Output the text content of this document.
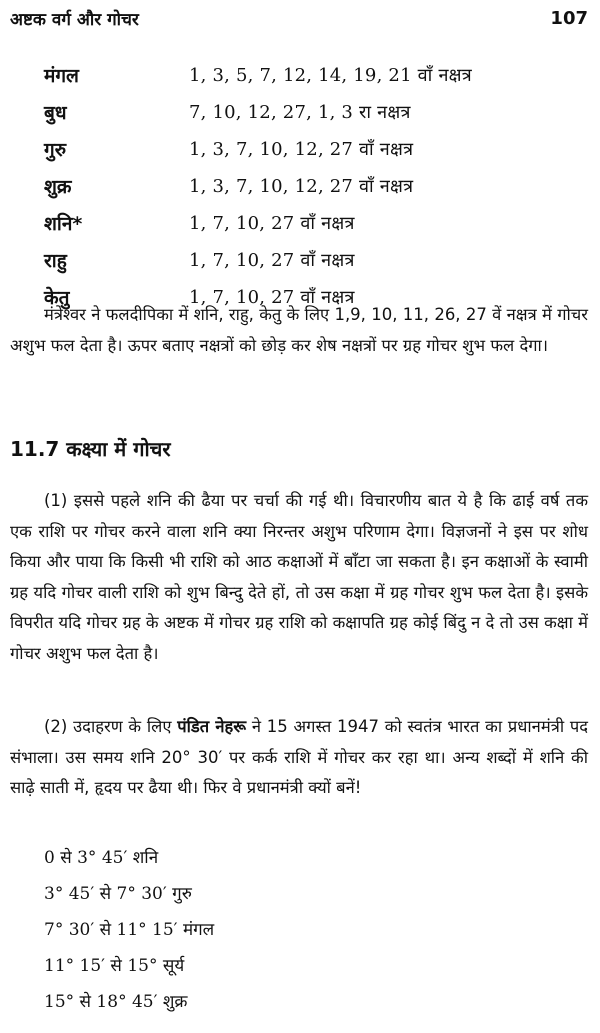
अष्टक वर्ग और गोचर	107
मंगल	1, 3, 5, 7, 12, 14, 19, 21 वाँ नक्षत्र
बुध	7, 10, 12, 27, 1, 3 रा नक्षत्र
गुरु	1, 3, 7, 10, 12, 27 वाँ नक्षत्र
शुक्र	1, 3, 7, 10, 12, 27 वाँ नक्षत्र
शनि*	1, 7, 10, 27 वाँ नक्षत्र
राहु	1, 7, 10, 27 वाँ नक्षत्र
केतु	1, 7, 10, 27 वाँ नक्षत्र

मंत्रेश्वर ने फलदीपिका में शनि, राहु, केतु के लिए 1,9, 10, 11, 26, 27 वें नक्षत्र में गोचर अशुभ फल देता है। ऊपर बताए नक्षत्रों को छोड़ कर शेष नक्षत्रों पर ग्रह गोचर शुभ फल देगा।

11.7 कक्ष्या में गोचर

(1) इससे पहले शनि की ढैया पर चर्चा की गई थी। विचारणीय बात ये है कि ढाई वर्ष तक एक राशि पर गोचर करने वाला शनि क्या निरन्तर अशुभ परिणाम देगा। विज्ञजनों ने इस पर शोध किया और पाया कि किसी भी राशि को आठ कक्षाओं में बाँटा जा सकता है। इन कक्षाओं के स्वामी ग्रह यदि गोचर वाली राशि को शुभ बिन्दु देते हों, तो उस कक्षा में ग्रह गोचर शुभ फल देता है। इसके विपरीत यदि गोचर ग्रह के अष्टक में गोचर ग्रह राशि को कक्षापति ग्रह कोई बिंदु न दे तो उस कक्षा में गोचर अशुभ फल देता है।

(2) उदाहरण के लिए पंडित नेहरू ने 15 अगस्त 1947 को स्वतंत्र भारत का प्रधानमंत्री पद संभाला। उस समय शनि 20° 30′ पर कर्क राशि में गोचर कर रहा था। अन्य शब्दों में शनि की साढ़े साती में, हृदय पर ढैया थी। फिर वे प्रधानमंत्री क्यों बनें!

0 से 3° 45′ शनि
3° 45′ से 7° 30′ गुरु
7° 30′ से 11° 15′ मंगल
11° 15′ से 15° सूर्य
15° से 18° 45′ शुक्र
